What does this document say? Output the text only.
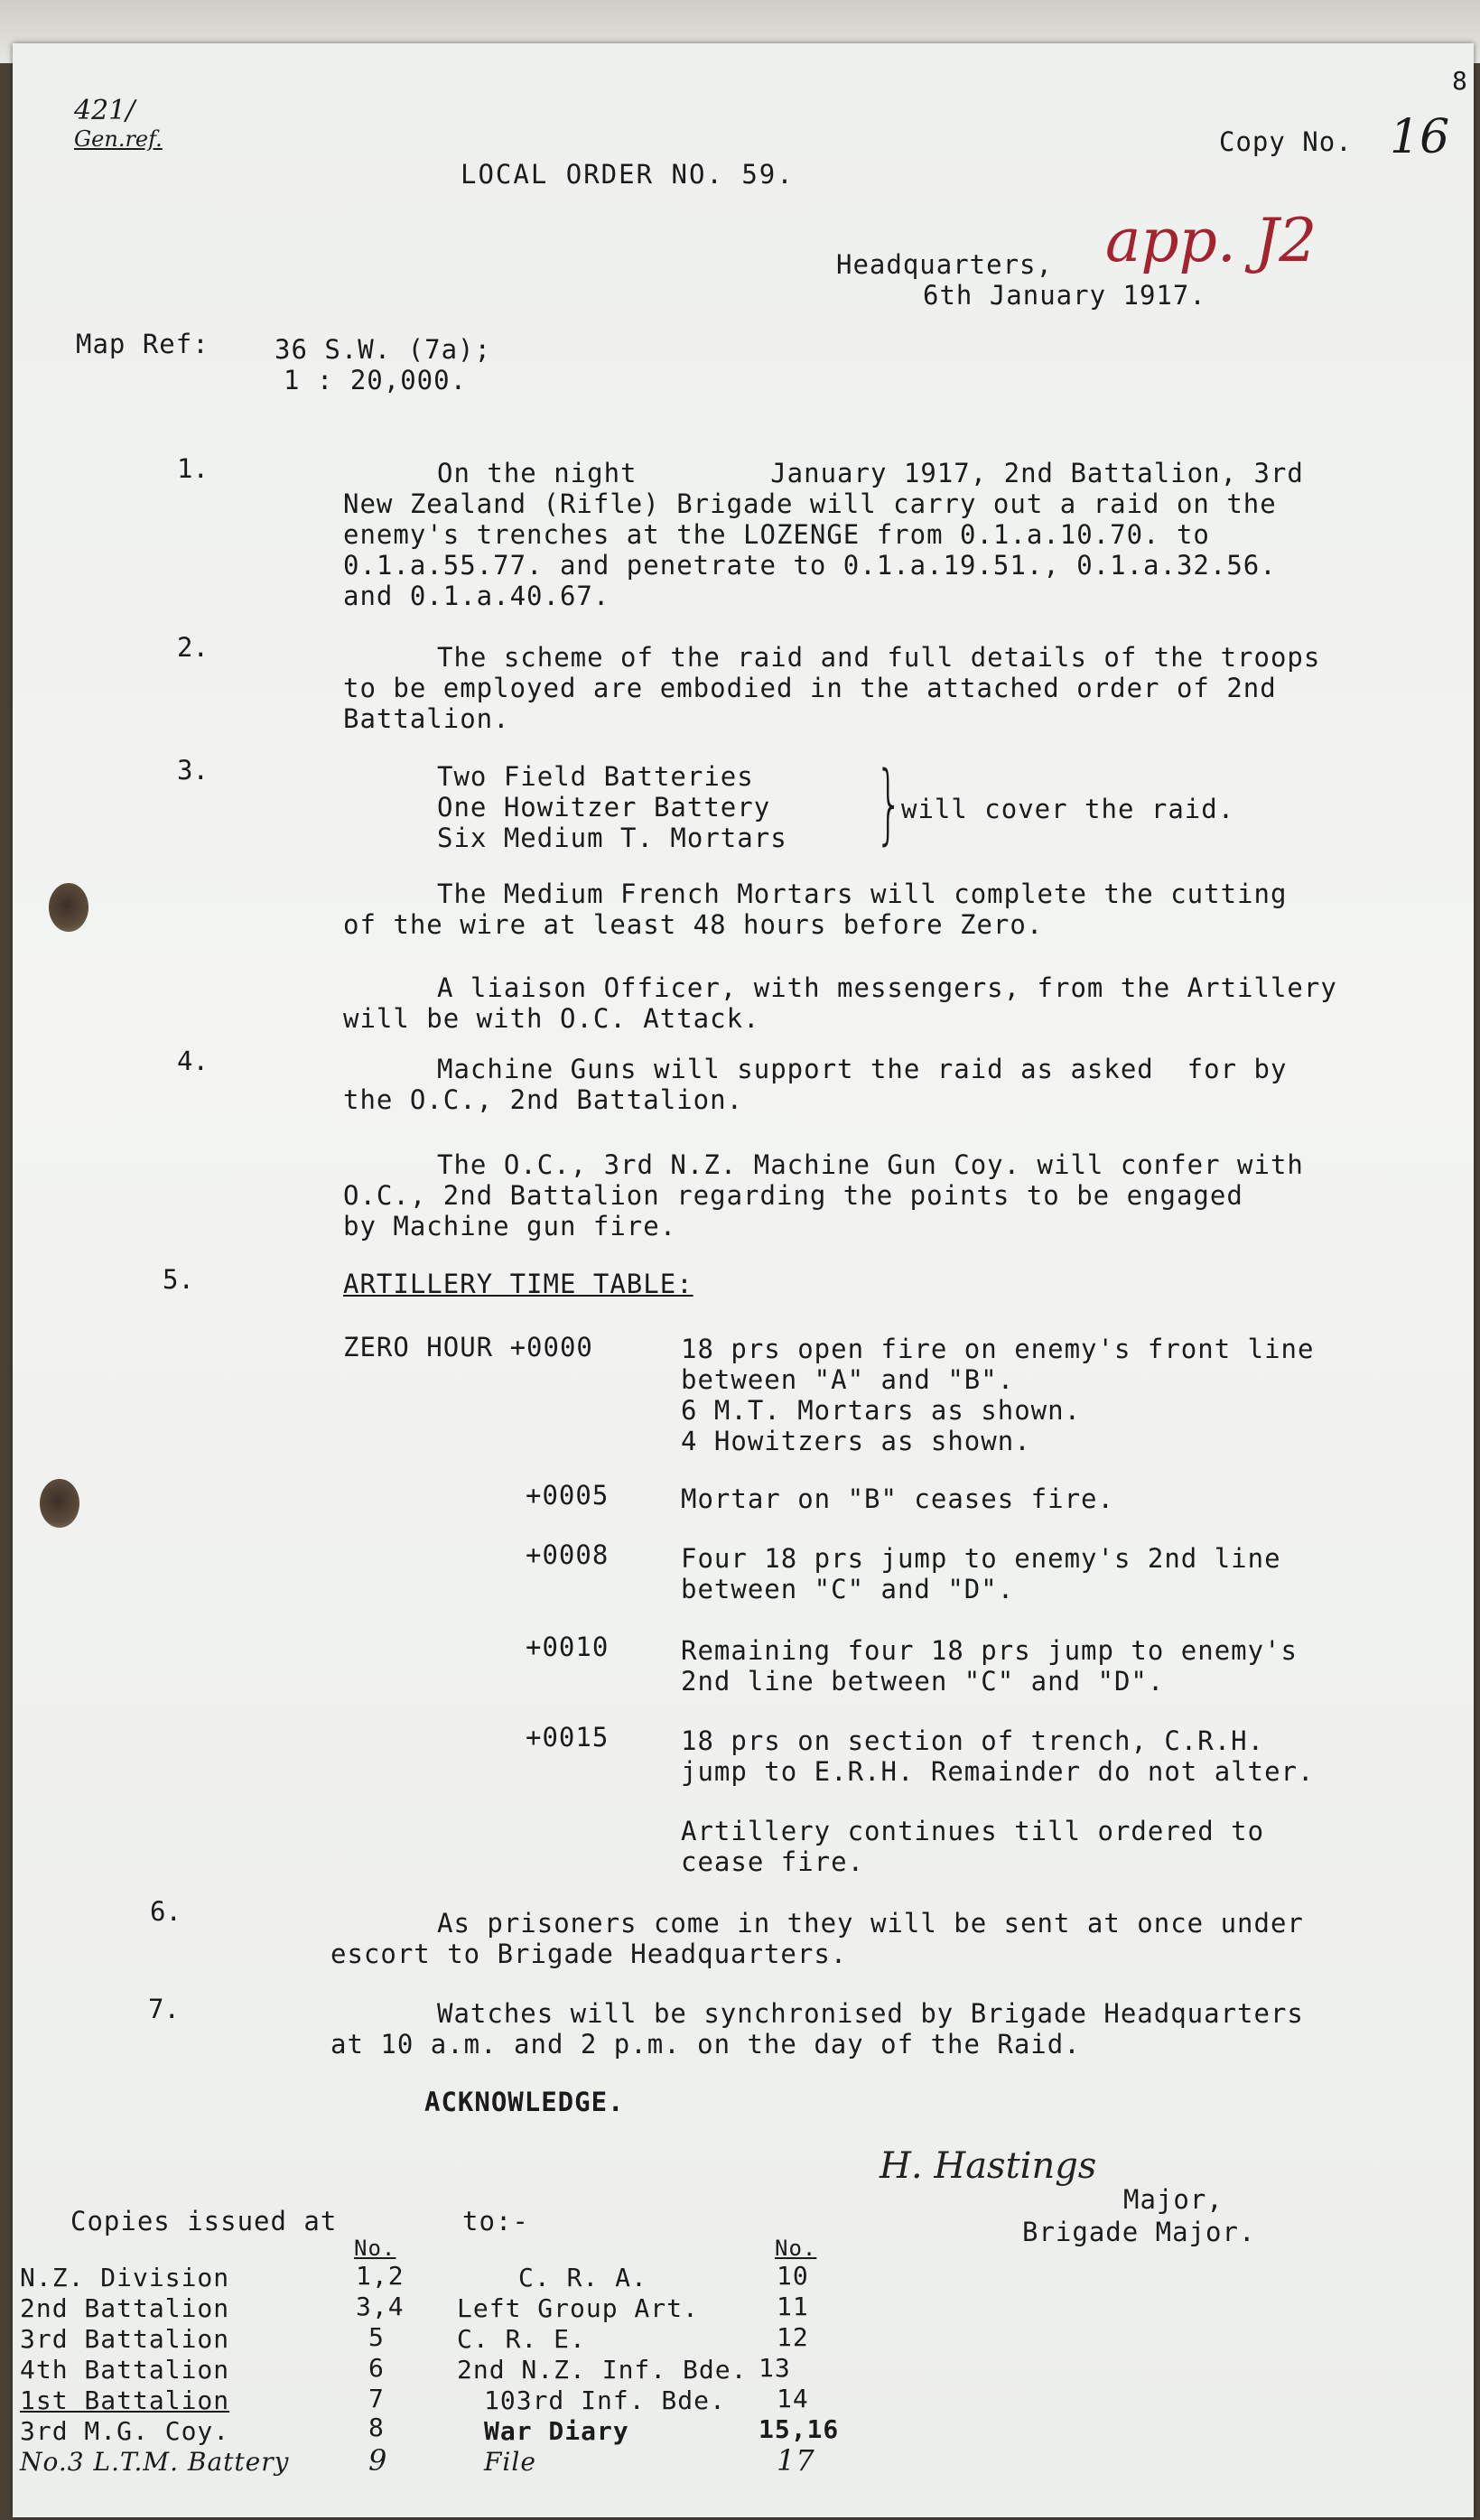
421/
Gen.ref.	Copy No. 16
8
LOCAL ORDER NO. 59.
app. J2
Headquarters,
6th January 1917.
Map Ref: 36 S.W. (7a);
1 : 20,000.
1.	On the night        January 1917, 2nd Battalion, 3rd
New Zealand (Rifle) Brigade will carry out a raid on the
enemy's trenches at the LOZENGE from 0.1.a.10.70. to
0.1.a.55.77. and penetrate to 0.1.a.19.51., 0.1.a.32.56.
and 0.1.a.40.67.
2.	The scheme of the raid and full details of the troops
to be employed are embodied in the attached order of 2nd
Battalion.
3.	Two Field Batteries
One Howitzer Battery
Six Medium T. Mortars }
will cover the raid.
The Medium French Mortars will complete the cutting
of the wire at least 48 hours before Zero.
A liaison Officer, with messengers, from the Artillery
will be with O.C. Attack.
4.	Machine Guns will support the raid as asked  for by
the O.C., 2nd Battalion.
The O.C., 3rd N.Z. Machine Gun Coy. will confer with
O.C., 2nd Battalion regarding the points to be engaged
by Machine gun fire.
5.	ARTILLERY TIME TABLE:
ZERO HOUR +0000	18 prs open fire on enemy's front line
between "A" and "B".
6 M.T. Mortars as shown.
4 Howitzers as shown.
+0005	Mortar on "B" ceases fire.
+0008	Four 18 prs jump to enemy's 2nd line
between "C" and "D".
+0010	Remaining four 18 prs jump to enemy's
2nd line between "C" and "D".
+0015	18 prs on section of trench, C.R.H.
jump to E.R.H. Remainder do not alter.
Artillery continues till ordered to
cease fire.
6.	As prisoners come in they will be sent at once under
escort to Brigade Headquarters.
7.	Watches will be synchronised by Brigade Headquarters
at 10 a.m. and 2 p.m. on the day of the Raid.
ACKNOWLEDGE.
H. Hastings
Major,
Brigade Major.
Copies issued at	to:-
No.	No.
N.Z. Division	1,2
2nd Battalion	3,4
3rd Battalion	5
4th Battalion	6
1st Battalion	7
3rd M.G. Coy.	8
No.3 L.T.M. Battery	9
C. R. A.	10
Left Group Art.	11
C. R. E.	12
2nd N.Z. Inf. Bde. 13
103rd Inf. Bde. 14
War Diary	15,16
File	17
